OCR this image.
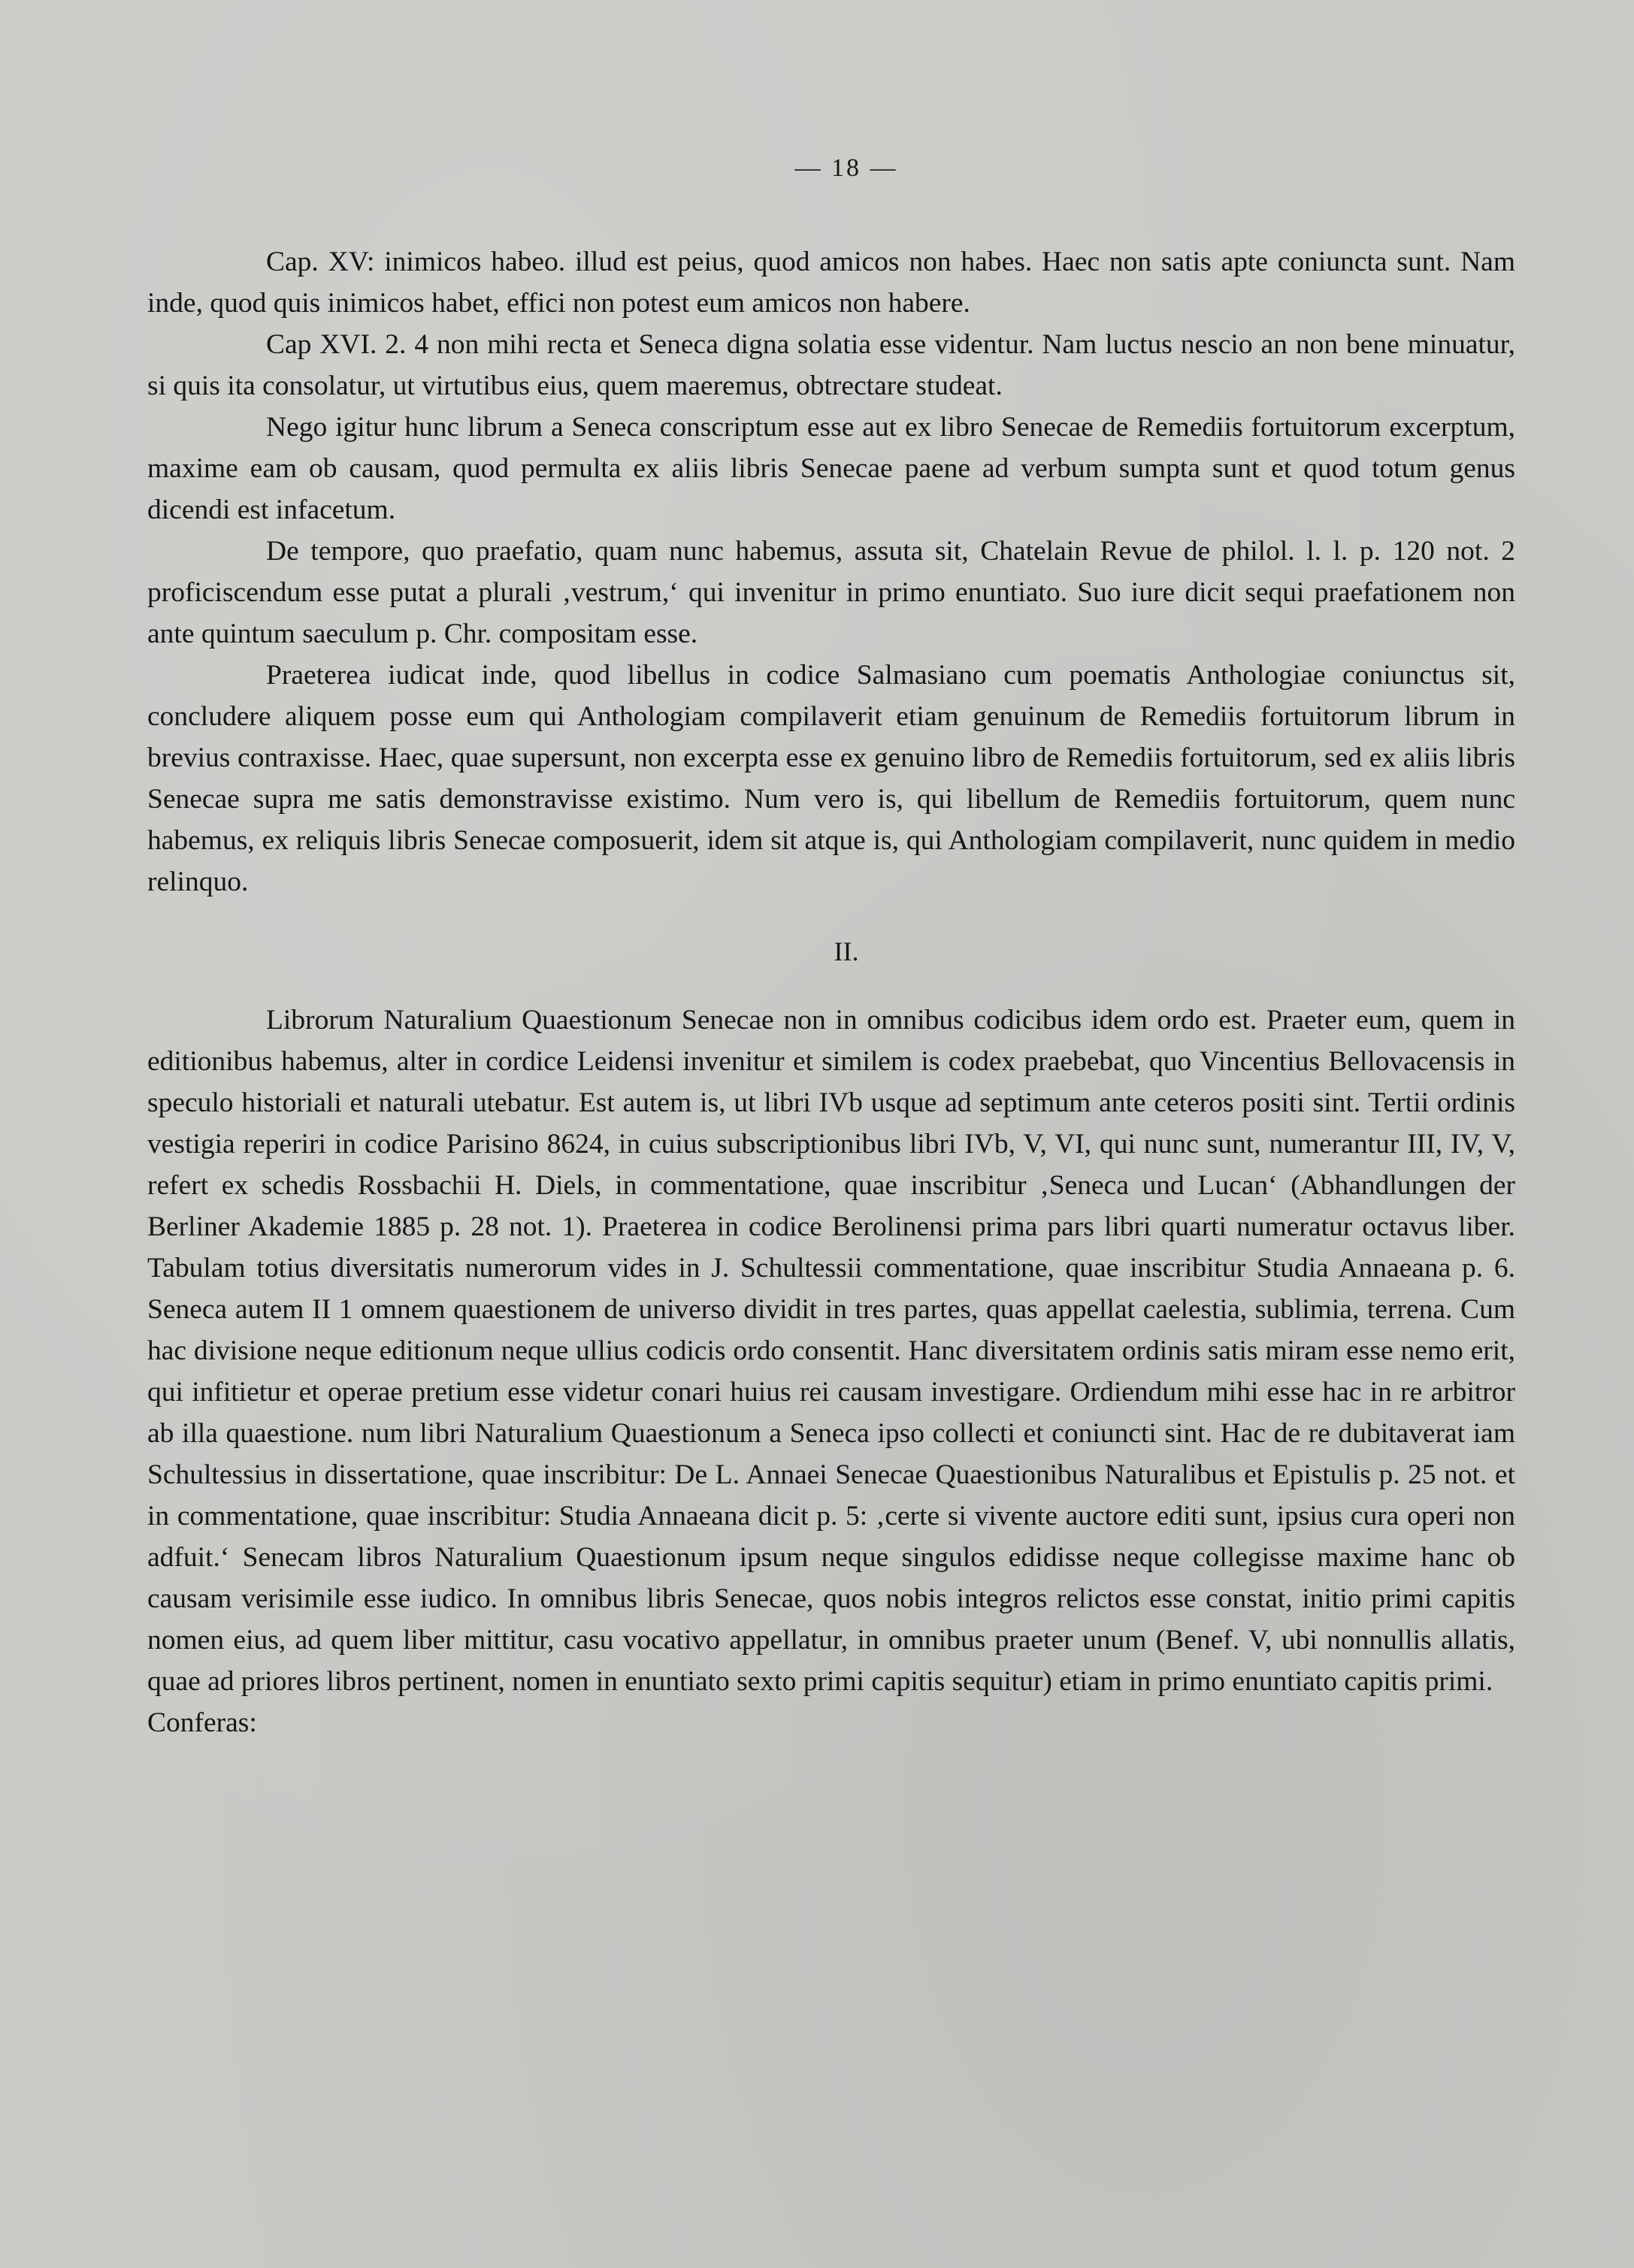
— 18 —

Cap. XV: inimicos habeo. illud est peius, quod amicos non habes. Haec non satis apte coniuncta sunt. Nam inde, quod quis inimicos habet, effici non potest eum amicos non habere.

Cap XVI. 2. 4 non mihi recta et Seneca digna solatia esse videntur. Nam luctus nescio an non bene minuatur, si quis ita consolatur, ut virtutibus eius, quem maeremus, obtrectare studeat.

Nego igitur hunc librum a Seneca conscriptum esse aut ex libro Senecae de Remediis fortuitorum excerptum, maxime eam ob causam, quod permulta ex aliis libris Senecae paene ad verbum sumpta sunt et quod totum genus dicendi est infacetum.

De tempore, quo praefatio, quam nunc habemus, assuta sit, Chatelain Revue de philol. l. l. p. 120 not. 2 proficiscendum esse putat a plurali ‚vestrum,‘ qui invenitur in primo enuntiato. Suo iure dicit sequi praefationem non ante quintum saeculum p. Chr. compositam esse.

Praeterea iudicat inde, quod libellus in codice Salmasiano cum poematis Anthologiae coniunctus sit, concludere aliquem posse eum qui Anthologiam compilaverit etiam genuinum de Remediis fortuitorum librum in brevius contraxisse. Haec, quae supersunt, non excerpta esse ex genuino libro de Remediis fortuitorum, sed ex aliis libris Senecae supra me satis demonstravisse existimo. Num vero is, qui libellum de Remediis fortuitorum, quem nunc habemus, ex reliquis libris Senecae composuerit, idem sit atque is, qui Anthologiam compilaverit, nunc quidem in medio relinquo.

II.

Librorum Naturalium Quaestionum Senecae non in omnibus codicibus idem ordo est. Praeter eum, quem in editionibus habemus, alter in cordice Leidensi invenitur et similem is codex praebebat, quo Vincentius Bellovacensis in speculo historiali et naturali utebatur. Est autem is, ut libri IVb usque ad septimum ante ceteros positi sint. Tertii ordinis vestigia reperiri in codice Parisino 8624, in cuius subscriptionibus libri IVb, V, VI, qui nunc sunt, numerantur III, IV, V, refert ex schedis Rossbachii H. Diels, in commentatione, quae inscribitur ‚Seneca und Lucan‘ (Abhandlungen der Berliner Akademie 1885 p. 28 not. 1). Praeterea in codice Berolinensi prima pars libri quarti numeratur octavus liber. Tabulam totius diversitatis numerorum vides in J. Schultessii commentatione, quae inscribitur Studia Annaeana p. 6. Seneca autem II 1 omnem quaestionem de universo dividit in tres partes, quas appellat caelestia, sublimia, terrena. Cum hac divisione neque editionum neque ullius codicis ordo consentit. Hanc diversitatem ordinis satis miram esse nemo erit, qui infitietur et operae pretium esse videtur conari huius rei causam investigare. Ordiendum mihi esse hac in re arbitror ab illa quaestione. num libri Naturalium Quaestionum a Seneca ipso collecti et coniuncti sint. Hac de re dubitaverat iam Schultessius in dissertatione, quae inscribitur: De L. Annaei Senecae Quaestionibus Naturalibus et Epistulis p. 25 not. et in commentatione, quae inscribitur: Studia Annaeana dicit p. 5: ‚certe si vivente auctore editi sunt, ipsius cura operi non adfuit.‘ Senecam libros Naturalium Quaestionum ipsum neque singulos edidisse neque collegisse maxime hanc ob causam verisimile esse iudico. In omnibus libris Senecae, quos nobis integros relictos esse constat, initio primi capitis nomen eius, ad quem liber mittitur, casu vocativo appellatur, in omnibus praeter unum (Benef. V, ubi nonnullis allatis, quae ad priores libros pertinent, nomen in enuntiato sexto primi capitis sequitur) etiam in primo enuntiato capitis primi.

Conferas:
